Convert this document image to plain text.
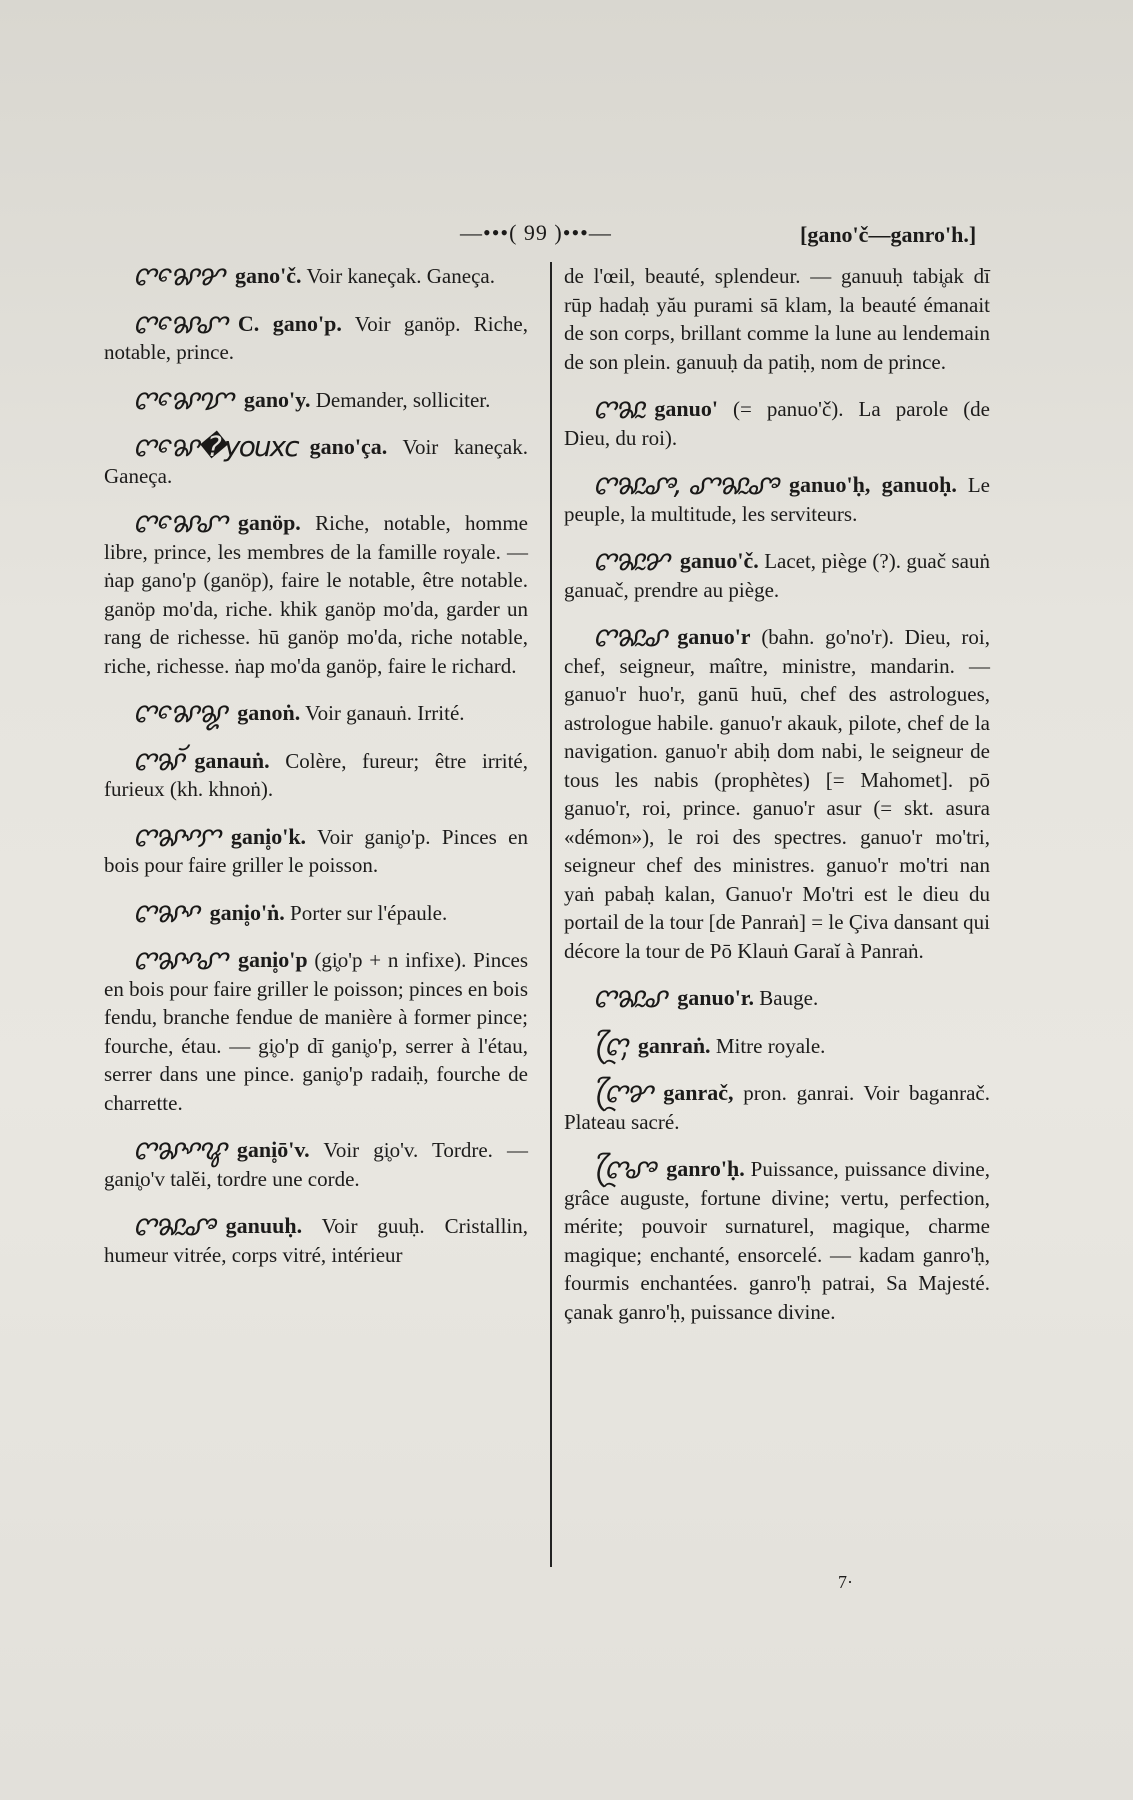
—•••( 99 )•••—	[gano'č—ganro'h.]
ꨈꨗꨯꨌ gano'č. Voir kaneçak. Ganeça.
ꨈꨗꨯꨚ C. gano'p. Voir ganöp. Riche, notable, prince.
ꨈꨗꨯꨢ gano'y. Demander, solliciter.
ꨈꨗꨯ�youxc gano'ça. Voir kaneçak. Ganeça.
ꨈꨗꨯꨚ ganöp. Riche, notable, homme libre, prince, les membres de la famille royale. — ṅap gano'p (ganöp), faire le notable, être notable. ganöp mo'da, riche. khik ganöp mo'da, garder un rang de richesse. hū ganöp mo'da, riche notable, riche, richesse. ṅap mo'da ganöp, faire le richard.
ꨈꨗꨯꨘ ganoṅ. Voir ganauṅ. Irrité.
ꨈꨗꨮ ganauṅ. Colère, fureur; être irrité, furieux (kh. khnoṅ).
ꨈꨗꨳꨆ gani̥o'k. Voir gani̥o'p. Pinces en bois pour faire griller le poisson.
ꨈꨗꨳ gani̥o'ṅ. Porter sur l'épaule.
ꨈꨗꨳꨚ gani̥o'p (gi̥o'p + n infixe). Pinces en bois pour faire griller le poisson; pinces en bois fendu, branche fendue de manière à former pince; fourche, étau. — gi̥o'p dī gani̥o'p, serrer à l'étau, serrer dans une pince. gani̥o'p radaiḥ, fourche de charrette.
ꨈꨗꨳꨥ gani̥ō'v. Voir gi̥o'v. Tordre. — gani̥o'v talĕi, tordre une corde.
ꨈꨗꨭꨨ ganuuḥ. Voir guuḥ. Cristallin, humeur vitrée, corps vitré, intérieur
de l'œil, beauté, splendeur. — ganuuḥ tabi̥ak dī rūp hadaḥ yău purami sā klam, la beauté émanait de son corps, brillant comme la lune au lendemain de son plein. ganuuḥ da patiḥ, nom de prince.
ꨈꨗꨭ ganuo' (= panuo'č). La parole (de Dieu, du roi).
ꨈꨗꨭꨨ, ꨚꨗꨭꨨ ganuo'ḥ, ganuoḥ. Le peuple, la multitude, les serviteurs.
ꨈꨗꨭꨌ ganuo'č. Lacet, piège (?). guač sauṅ ganuač, prendre au piège.
ꨈꨗꨭꨣ ganuo'r (bahn. go'no'r). Dieu, roi, chef, seigneur, maître, ministre, mandarin. — ganuo'r huo'r, ganū huū, chef des astrologues, astrologue habile. ganuo'r akauk, pilote, chef de la navigation. ganuo'r abiḥ dom nabi, le seigneur de tous les nabis (prophètes) [= Mahomet]. pō ganuo'r, roi, prince. ganuo'r asur (= skt. asura «démon»), le roi des spectres. ganuo'r mo'tri, seigneur chef des ministres. ganuo'r mo'tri nan yaṅ pabaḥ kalan, Ganuo'r Mo'tri est le dieu du portail de la tour [de Panraṅ] = le Çiva dansant qui décore la tour de Pō Klauṅ Garaĭ à Panraṅ.
ꨈꨗꨭꨣ ganuo'r. Bauge.
ꨈꨴꨲ ganraṅ. Mitre royale.
ꨈꨴꨌ ganrač, pron. ganrai. Voir baganrač. Plateau sacré.
ꨈꨴꨨ ganro'ḥ. Puissance, puissance divine, grâce auguste, fortune divine; vertu, perfection, mérite; pouvoir surnaturel, magique, charme magique; enchanté, ensorcelé. — kadam ganro'ḥ, fourmis enchantées. ganro'ḥ patrai, Sa Majesté. çanak ganro'ḥ, puissance divine.
7·
